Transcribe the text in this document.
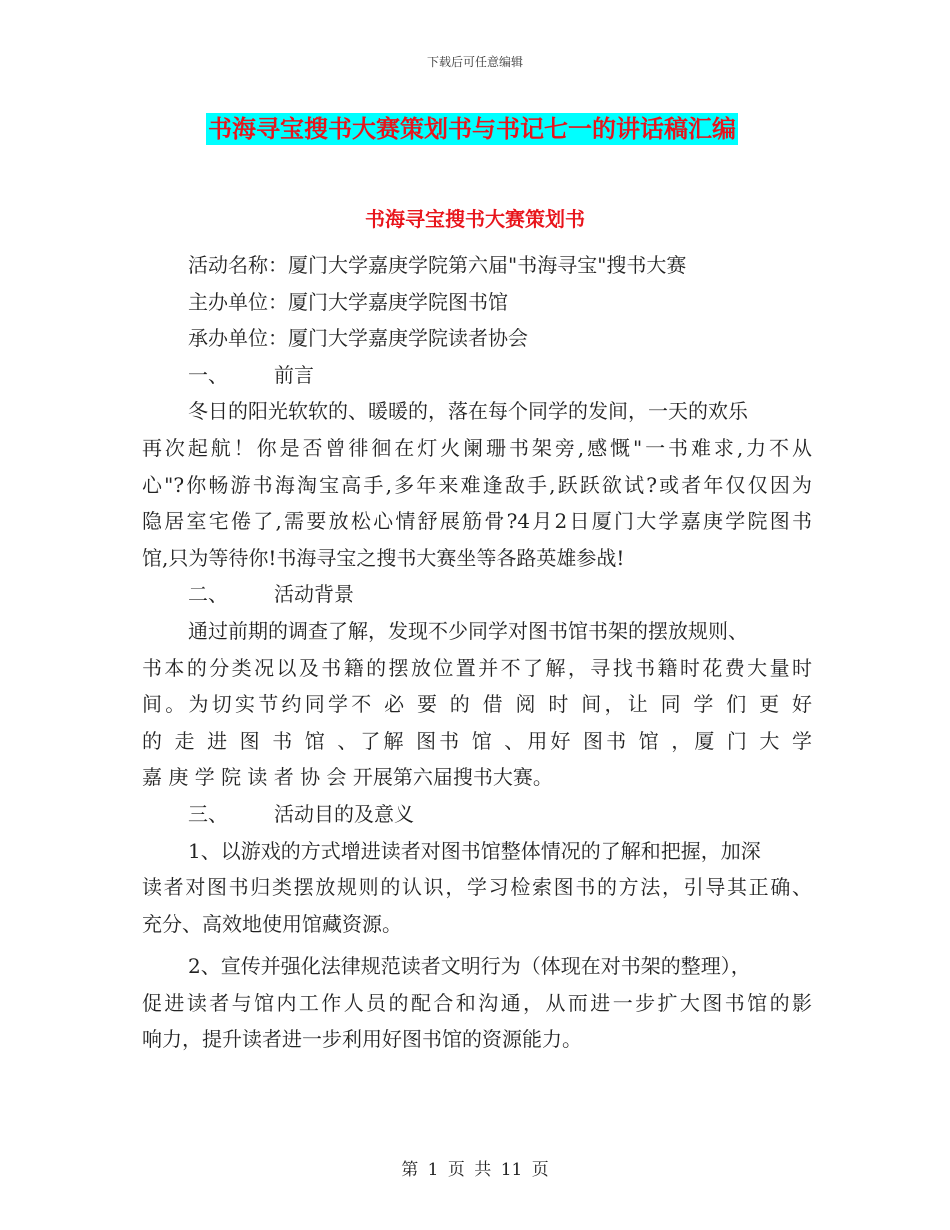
下载后可任意编辑
书海寻宝搜书大赛策划书与书记七一的讲话稿汇编
书海寻宝搜书大赛策划书
活动名称：厦门大学嘉庚学院第六届"书海寻宝"搜书大赛
主办单位：厦门大学嘉庚学院图书馆
承办单位：厦门大学嘉庚学院读者协会
一、 前言
冬日的阳光软软的、暖暖的，落在每个同学的发间，一天的欢乐
再次起航！你是否曾徘徊在灯火阑珊书架旁,感慨"一书难求,力不从
心"?你畅游书海淘宝高手,多年来难逢敌手,跃跃欲试?或者年仅仅因为
隐居室宅倦了,需要放松心情舒展筋骨?4月2日厦门大学嘉庚学院图书
馆,只为等待你!书海寻宝之搜书大赛坐等各路英雄参战!
二、 活动背景
通过前期的调查了解，发现不少同学对图书馆书架的摆放规则、
书本的分类况以及书籍的摆放位置并不了解，寻找书籍时花费大量时
间。为切实节约同学不 必 要 的 借 阅 时 间，让 同 学 们 更 好
的 走 进 图 书 馆 、了解 图书 馆 、用好 图书 馆 ，厦 门 大 学
嘉 庚 学 院 读 者 协 会 开展第六届搜书大赛。
三、 活动目的及意义
1、以游戏的方式增进读者对图书馆整体情况的了解和把握，加深
读者对图书归类摆放规则的认识，学习检索图书的方法，引导其正确、
充分、高效地使用馆藏资源。
2、宣传并强化法律规范读者文明行为（体现在对书架的整理），
促进读者与馆内工作人员的配合和沟通，从而进一步扩大图书馆的影
响力，提升读者进一步利用好图书馆的资源能力。
第 1 页 共 11 页
